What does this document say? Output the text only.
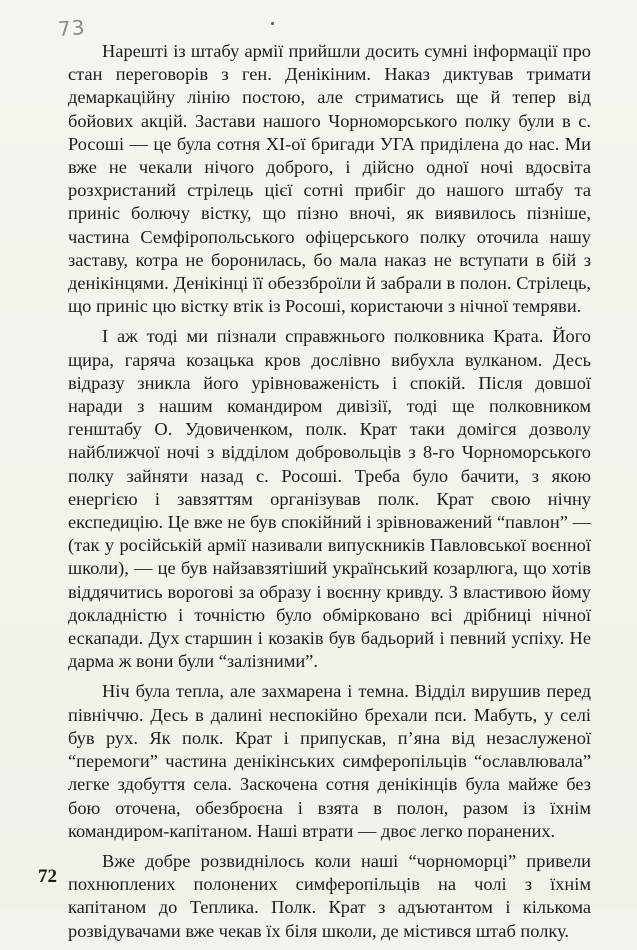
73

Нарешті із штабу армії прийшли досить сумні інформації про стан переговорів з ген. Денікіним. Наказ диктував тримати демаркаційну лінію постою, але стриматись ще й тепер від бойових акцій. Застави нашого Чорноморського полку були в с. Росоші — це була сотня ХІ-ої бригади УГА приділена до нас. Ми вже не чекали нічого доброго, і дійсно одної ночі вдосвіта розхристаний стрілець цієї сотні прибіг до нашого штабу та приніс болючу вістку, що пізно вночі, як виявилось пізніше, частина Семфіропольського офіцерського полку оточила нашу заставу, котра не боронилась, бо мала наказ не вступати в бій з денікінцями. Денікінці її обеззброїли й забрали в полон. Стрілець, що приніс цю вістку втік із Росоші, користаючи з нічної темряви.

І аж тоді ми пізнали справжнього полковника Крата. Його щира, гаряча козацька кров дослівно вибухла вулканом. Десь відразу зникла його урівноваженість і спокій. Після довшої наради з нашим командиром дивізії, тоді ще полковником генштабу О. Удовиченком, полк. Крат таки домігся дозволу найближчої ночі з відділом добровольців з 8-го Чорноморського полку зайняти назад с. Росоші. Треба було бачити, з якою енергією і завзяттям організував полк. Крат свою нічну експедицію. Це вже не був спокійний і зрівноважений “павлон” — (так у російській армії називали випускників Павловської воєнної школи), — це був найзавзятіший український козарлюга, що хотів віддячитись ворогові за образу і воєнну кривду. З властивою йому докладністю і точністю було обмірковано всі дрібниці нічної ескапади. Дух старшин і козаків був бадьорий і певний успіху. Не дарма ж вони були “залізними”.

Ніч була тепла, але захмарена і темна. Відділ вирушив перед північчю. Десь в далині неспокійно брехали пси. Мабуть, у селі був рух. Як полк. Крат і припускав, п’яна від незаслуженої “перемоги” частина денікінських симферопільців “ославлювала” легке здобуття села. Заскочена сотня денікінців була майже без бою оточена, обезброєна і взята в полон, разом із їхнім командиром-капітаном. Наші втрати — двоє легко поранених.

Вже добре розвиднілось коли наші “чорноморці” привели похнюплених полонених симферопільців на чолі з їхнім капітаном до Теплика. Полк. Крат з адъютантом і кількома розвідувачами вже чекав їх біля школи, де містився штаб полку.

72
